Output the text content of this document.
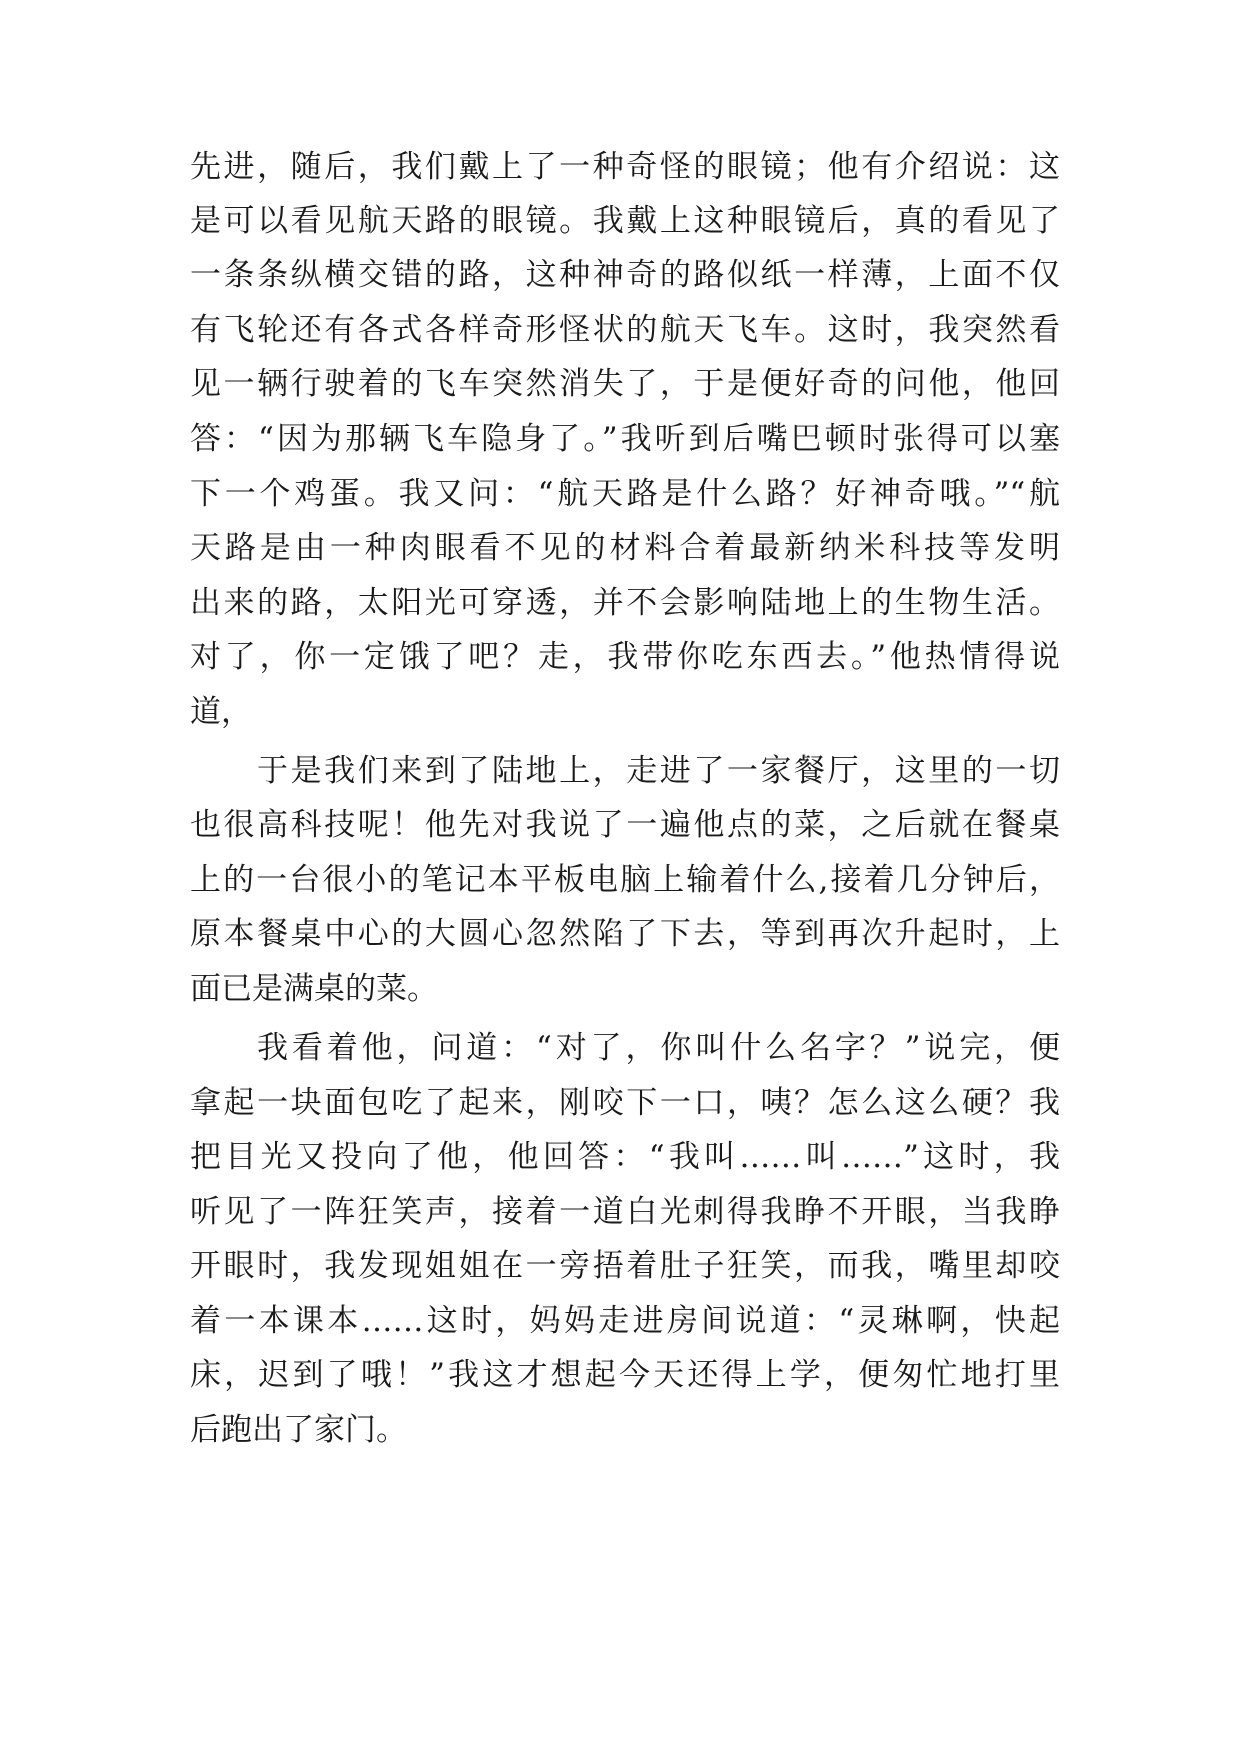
先进，随后，我们戴上了一种奇怪的眼镜；他有介绍说：这
是可以看见航天路的眼镜。我戴上这种眼镜后，真的看见了
一条条纵横交错的路，这种神奇的路似纸一样薄，上面不仅
有飞轮还有各式各样奇形怪状的航天飞车。这时，我突然看
见一辆行驶着的飞车突然消失了，于是便好奇的问他，他回
答：“因为那辆飞车隐身了。”我听到后嘴巴顿时张得可以塞
下一个鸡蛋。我又问：“航天路是什么路？好神奇哦。”“航
天路是由一种肉眼看不见的材料合着最新纳米科技等发明
出来的路，太阳光可穿透，并不会影响陆地上的生物生活。
对了，你一定饿了吧？走，我带你吃东西去。”他热情得说
道，
于是我们来到了陆地上，走进了一家餐厅，这里的一切
也很高科技呢！他先对我说了一遍他点的菜，之后就在餐桌
上的一台很小的笔记本平板电脑上输着什么,接着几分钟后，
原本餐桌中心的大圆心忽然陷了下去，等到再次升起时，上
面已是满桌的菜。
我看着他，问道：“对了，你叫什么名字？”说完，便
拿起一块面包吃了起来，刚咬下一口，咦？怎么这么硬？我
把目光又投向了他，他回答：“我叫……叫……”这时，我
听见了一阵狂笑声，接着一道白光刺得我睁不开眼，当我睁
开眼时，我发现姐姐在一旁捂着肚子狂笑，而我，嘴里却咬
着一本课本……这时，妈妈走进房间说道：“灵琳啊，快起
床，迟到了哦！”我这才想起今天还得上学，便匆忙地打里
后跑出了家门。
